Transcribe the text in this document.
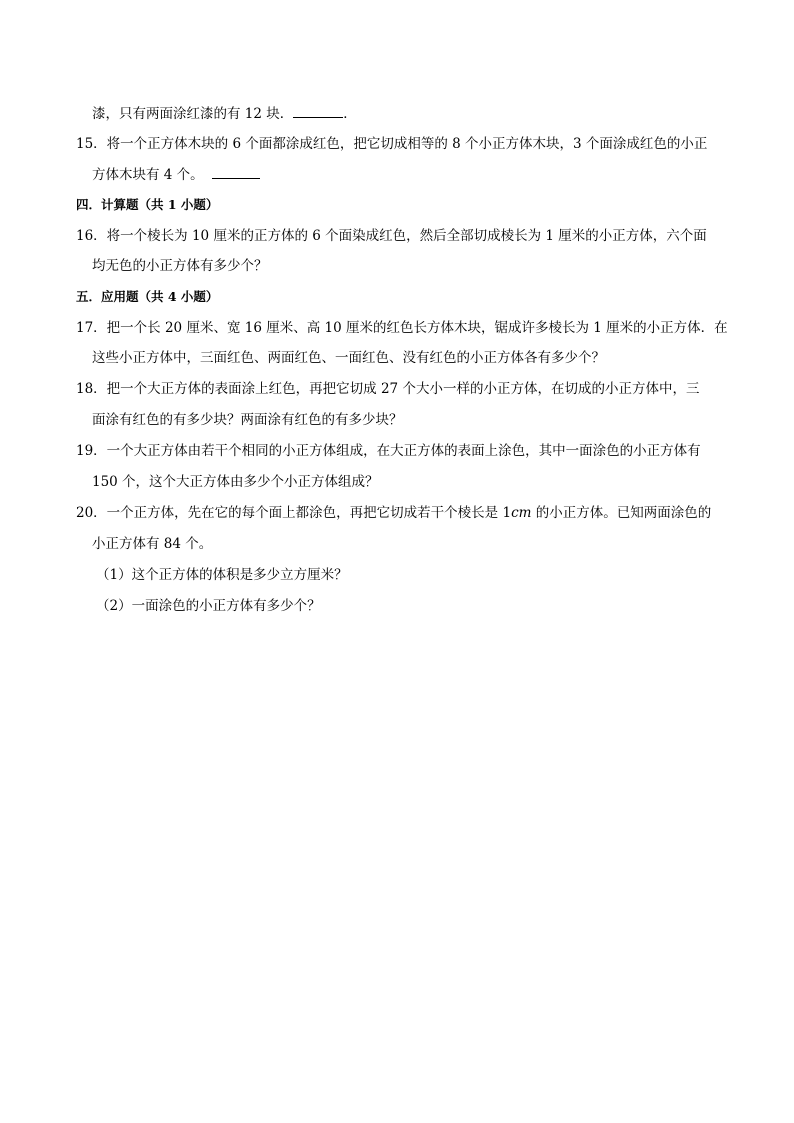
漆，只有两面涂红漆的有 12 块．	．
15．将一个正方体木块的 6 个面都涂成红色，把它切成相等的 8 个小正方体木块，3 个面涂成红色的小正
方体木块有 4 个。
四．计算题（共 1 小题）
16．将一个棱长为 10 厘米的正方体的 6 个面染成红色，然后全部切成棱长为 1 厘米的小正方体，六个面
均无色的小正方体有多少个？
五．应用题（共 4 小题）
17．把一个长 20 厘米、宽 16 厘米、高 10 厘米的红色长方体木块，锯成许多棱长为 1 厘米的小正方体．在
这些小正方体中，三面红色、两面红色、一面红色、没有红色的小正方体各有多少个？
18．把一个大正方体的表面涂上红色，再把它切成 27 个大小一样的小正方体，在切成的小正方体中，三
面涂有红色的有多少块？两面涂有红色的有多少块？
19．一个大正方体由若干个相同的小正方体组成，在大正方体的表面上涂色，其中一面涂色的小正方体有
150 个，这个大正方体由多少个小正方体组成？
20．一个正方体，先在它的每个面上都涂色，再把它切成若干个棱长是 1cm 的小正方体。已知两面涂色的
小正方体有 84 个。
（1）这个正方体的体积是多少立方厘米？
（2）一面涂色的小正方体有多少个？
